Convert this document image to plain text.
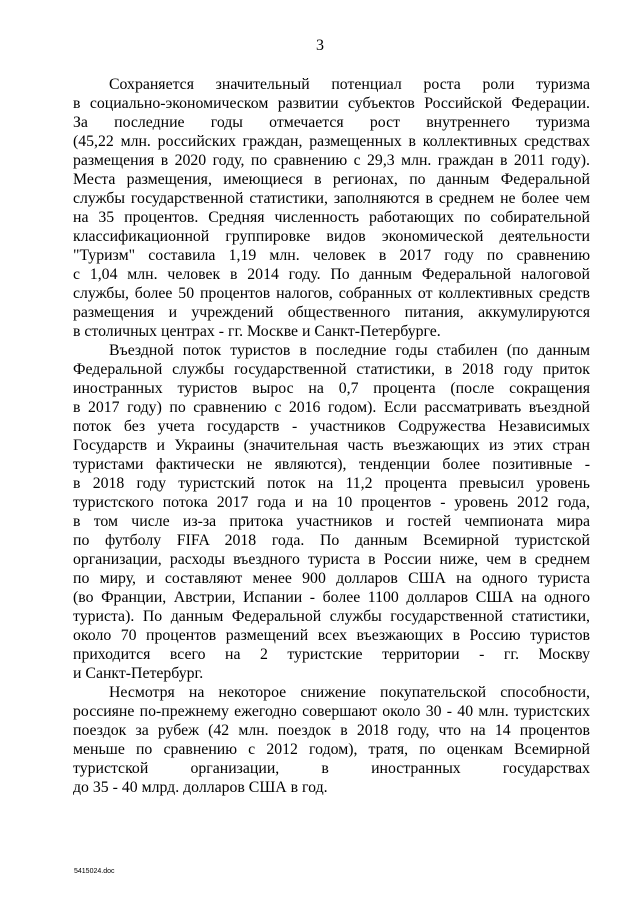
3
Сохраняется значительный потенциал роста роли туризма
в социально-экономическом развитии субъектов Российской Федерации.
За последние годы отмечается рост внутреннего туризма
(45,22 млн. российских граждан, размещенных в коллективных средствах
размещения в 2020 году, по сравнению с 29,3 млн. граждан в 2011 году).
Места размещения, имеющиеся в регионах, по данным Федеральной
службы государственной статистики, заполняются в среднем не более чем
на 35 процентов. Средняя численность работающих по собирательной
классификационной группировке видов экономической деятельности
"Туризм" составила 1,19 млн. человек в 2017 году по сравнению
с 1,04 млн. человек в 2014 году. По данным Федеральной налоговой
службы, более 50 процентов налогов, собранных от коллективных средств
размещения и учреждений общественного питания, аккумулируются
в столичных центрах - гг. Москве и Санкт-Петербурге.
Въездной поток туристов в последние годы стабилен (по данным
Федеральной службы государственной статистики, в 2018 году приток
иностранных туристов вырос на 0,7 процента (после сокращения
в 2017 году) по сравнению с 2016 годом). Если рассматривать въездной
поток без учета государств - участников Содружества Независимых
Государств и Украины (значительная часть въезжающих из этих стран
туристами фактически не являются), тенденции более позитивные -
в 2018 году туристский поток на 11,2 процента превысил уровень
туристского потока 2017 года и на 10 процентов - уровень 2012 года,
в том числе из-за притока участников и гостей чемпионата мира
по футболу FIFA 2018 года. По данным Всемирной туристской
организации, расходы въездного туриста в России ниже, чем в среднем
по миру, и составляют менее 900 долларов США на одного туриста
(во Франции, Австрии, Испании - более 1100 долларов США на одного
туриста). По данным Федеральной службы государственной статистики,
около 70 процентов размещений всех въезжающих в Россию туристов
приходится всего на 2 туристские территории - гг. Москву
и Санкт-Петербург.
Несмотря на некоторое снижение покупательской способности,
россияне по-прежнему ежегодно совершают около 30 - 40 млн. туристских
поездок за рубеж (42 млн. поездок в 2018 году, что на 14 процентов
меньше по сравнению с 2012 годом), тратя, по оценкам Всемирной
туристской организации, в иностранных государствах
до 35 - 40 млрд. долларов США в год.
5415024.doc
